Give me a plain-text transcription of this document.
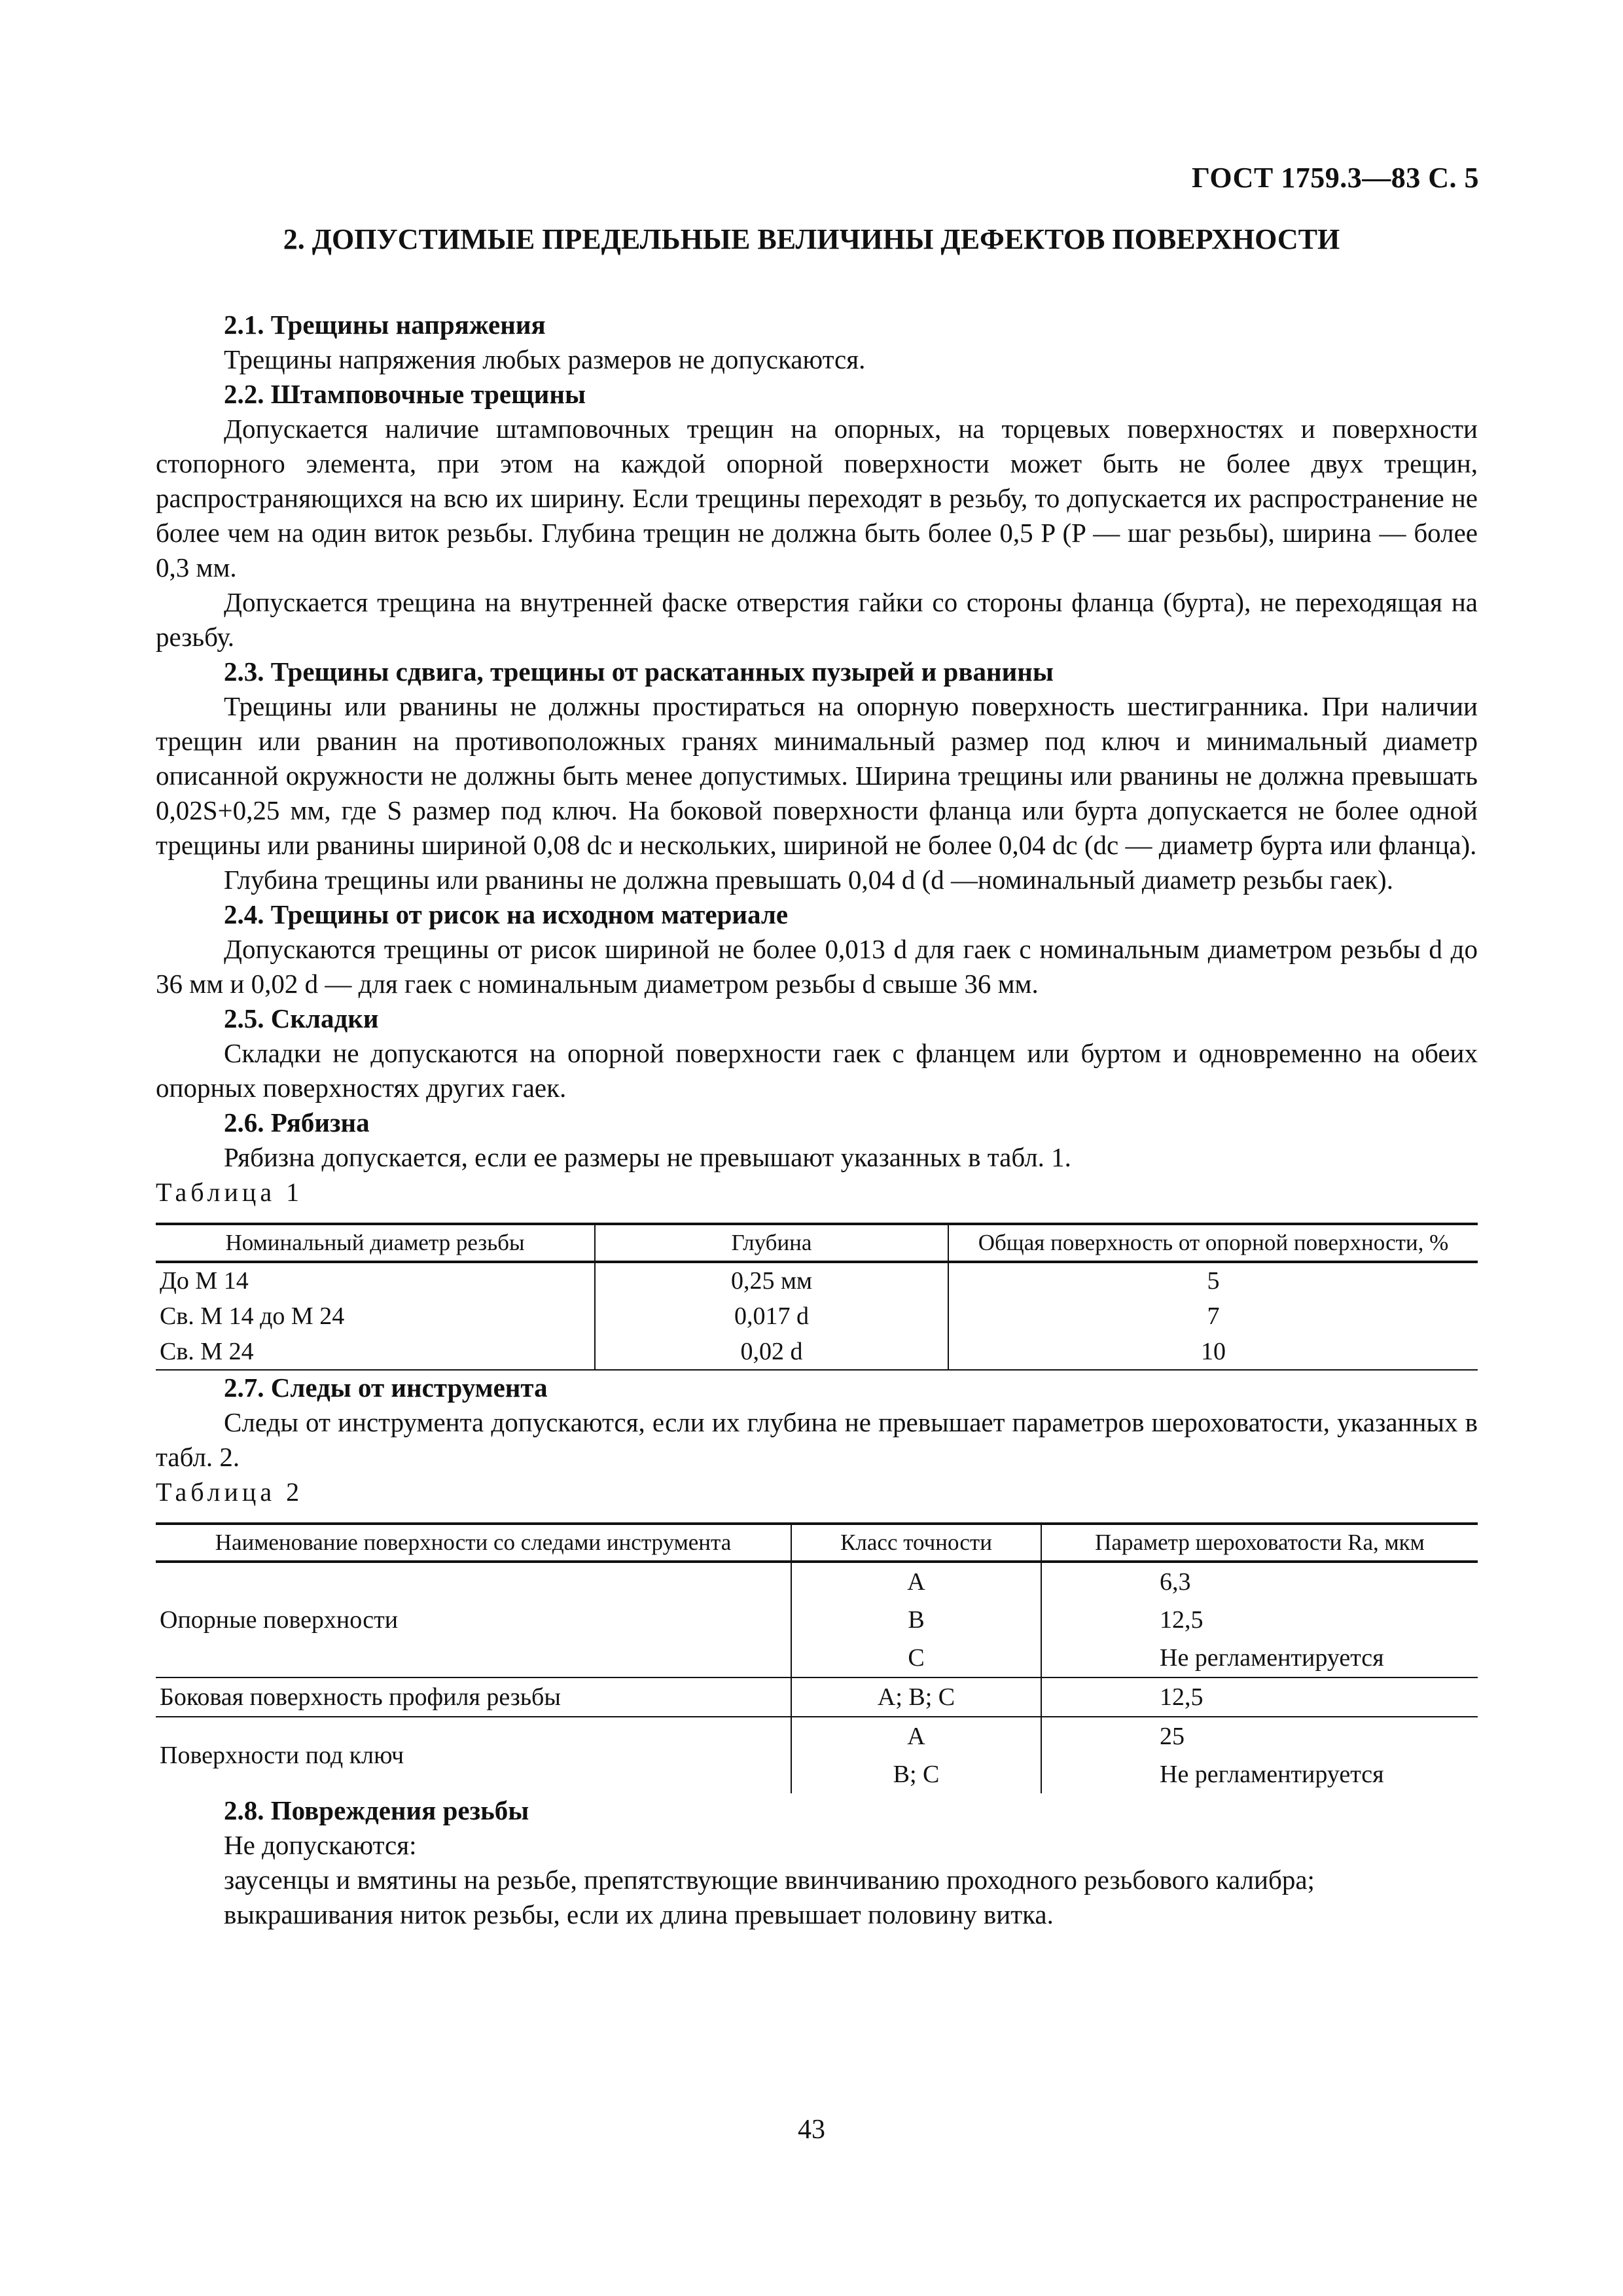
ГОСТ 1759.3—83 С. 5
2. ДОПУСТИМЫЕ ПРЕДЕЛЬНЫЕ ВЕЛИЧИНЫ ДЕФЕКТОВ ПОВЕРХНОСТИ

2.1. Трещины напряжения

Трещины напряжения любых размеров не допускаются.

2.2. Штамповочные трещины

Допускается наличие штамповочных трещин на опорных, на торцевых поверхностях и поверхности стопорного элемента, при этом на каждой опорной поверхности может быть не более двух трещин, распространяющихся на всю их ширину. Если трещины переходят в резьбу, то допускается их распространение не более чем на один виток резьбы. Глубина трещин не должна быть более 0,5 P (P — шаг резьбы), ширина — более 0,3 мм.

Допускается трещина на внутренней фаске отверстия гайки со стороны фланца (бурта), не переходящая на резьбу.

2.3. Трещины сдвига, трещины от раскатанных пузырей и рванины

Трещины или рванины не должны простираться на опорную поверхность шестигранника. При наличии трещин или рванин на противоположных гранях минимальный размер под ключ и минимальный диаметр описанной окружности не должны быть менее допустимых. Ширина трещины или рванины не должна превышать 0,02S+0,25 мм, где S размер под ключ. На боковой поверхности фланца или бурта допускается не более одной трещины или рванины шириной 0,08 dс и нескольких, шириной не более 0,04 dс (dс — диаметр бурта или фланца).

Глубина трещины или рванины не должна превышать 0,04 d (d —номинальный диаметр резьбы гаек).

2.4. Трещины от рисок на исходном материале

Допускаются трещины от рисок шириной не более 0,013 d для гаек с номинальным диаметром резьбы d до 36 мм и 0,02 d — для гаек с номинальным диаметром резьбы d свыше 36 мм.

2.5. Складки

Складки не допускаются на опорной поверхности гаек с фланцем или буртом и одновременно на обеих опорных поверхностях других гаек.

2.6. Рябизна

Рябизна допускается, если ее размеры не превышают указанных в табл. 1.

Таблица 1

Номинальный диаметр резьбы	Глубина	Общая поверхность от опорной поверхности, %
До М 14	0,25 мм	5
Св. М 14 до М 24	0,017 d	7
Св. М 24	0,02 d	10

2.7. Следы от инструмента

Следы от инструмента допускаются, если их глубина не превышает параметров шероховатости, указанных в табл. 2.

Таблица 2

Наименование поверхности со следами инструмента	Класс точности	Параметр шероховатости Ra, мкм
Опорные поверхности	A	6,3
	B	12,5
	C	Не регламентируется
Боковая поверхность профиля резьбы	A; B; C	12,5
Поверхности под ключ	A	25
	B; C	Не регламентируется

2.8. Повреждения резьбы

Не допускаются:

заусенцы и вмятины на резьбе, препятствующие ввинчиванию проходного резьбового калибра;

выкрашивания ниток резьбы, если их длина превышает половину витка.

43
